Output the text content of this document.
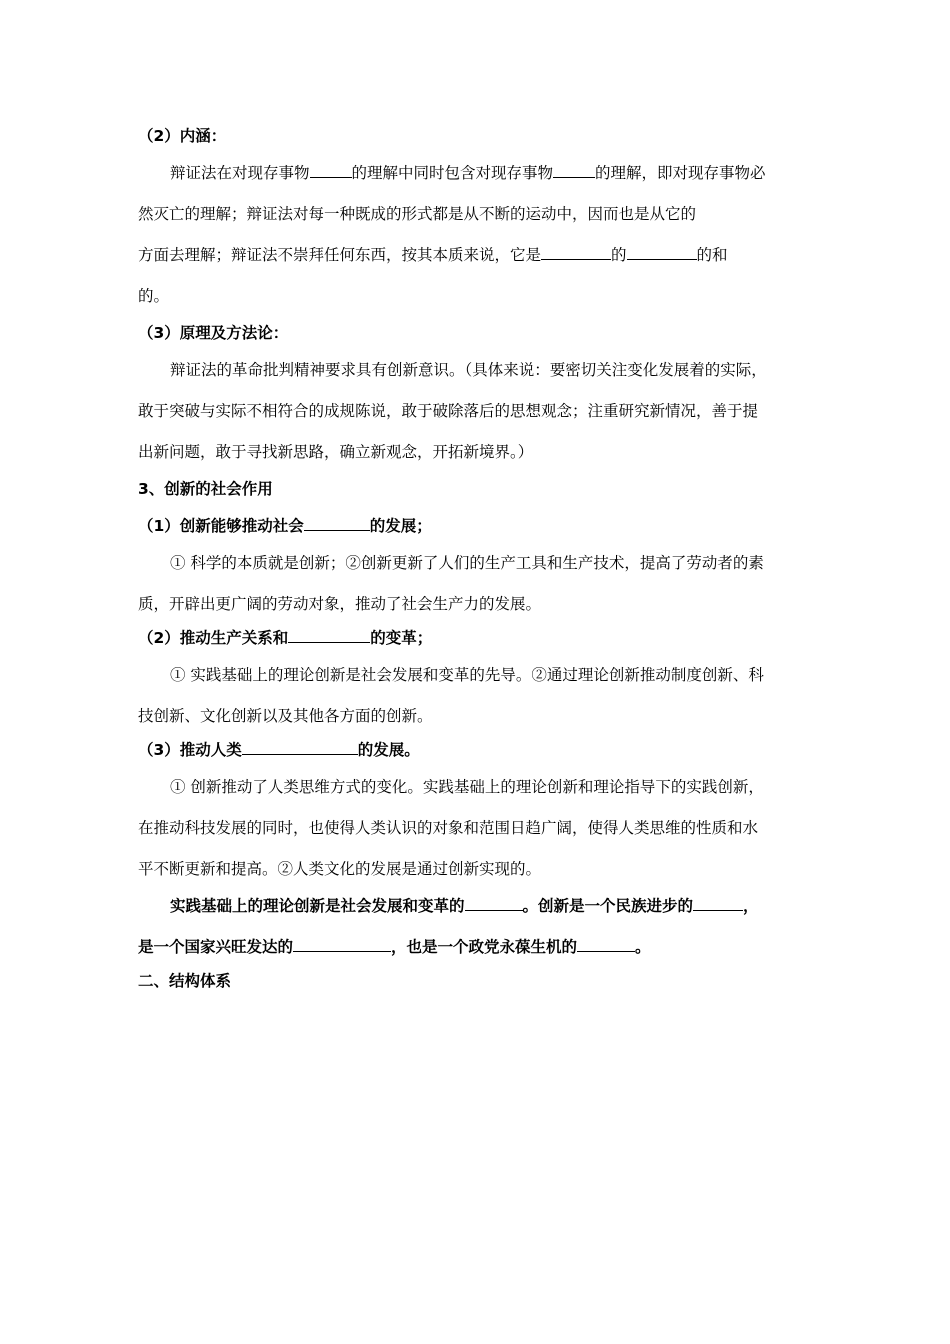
（2）内涵：
辩证法在对现存事物	的理解中同时包含对现存事物	的理解，即对现存事物必
然灭亡的理解；辩证法对每一种既成的形式都是从不断的运动中，因而也是从它的
方面去理解；辩证法不崇拜任何东西，按其本质来说，它是	的	的和
的。
（3）原理及方法论：
辩证法的革命批判精神要求具有创新意识。（具体来说：要密切关注变化发展着的实际，
敢于突破与实际不相符合的成规陈说，敢于破除落后的思想观念；注重研究新情况，善于提
出新问题，敢于寻找新思路，确立新观念，开拓新境界。）
3、创新的社会作用
（1）创新能够推动社会	的发展；
① 科学的本质就是创新；②创新更新了人们的生产工具和生产技术，提高了劳动者的素
质，开辟出更广阔的劳动对象，推动了社会生产力的发展。
（2）推动生产关系和	的变革；
① 实践基础上的理论创新是社会发展和变革的先导。②通过理论创新推动制度创新、科
技创新、文化创新以及其他各方面的创新。
（3）推动人类	的发展。
① 创新推动了人类思维方式的变化。实践基础上的理论创新和理论指导下的实践创新，
在推动科技发展的同时，也使得人类认识的对象和范围日趋广阔，使得人类思维的性质和水
平不断更新和提高。②人类文化的发展是通过创新实现的。
实践基础上的理论创新是社会发展和变革的	。创新是一个民族进步的	，
是一个国家兴旺发达的	，也是一个政党永葆生机的	。
二、结构体系
